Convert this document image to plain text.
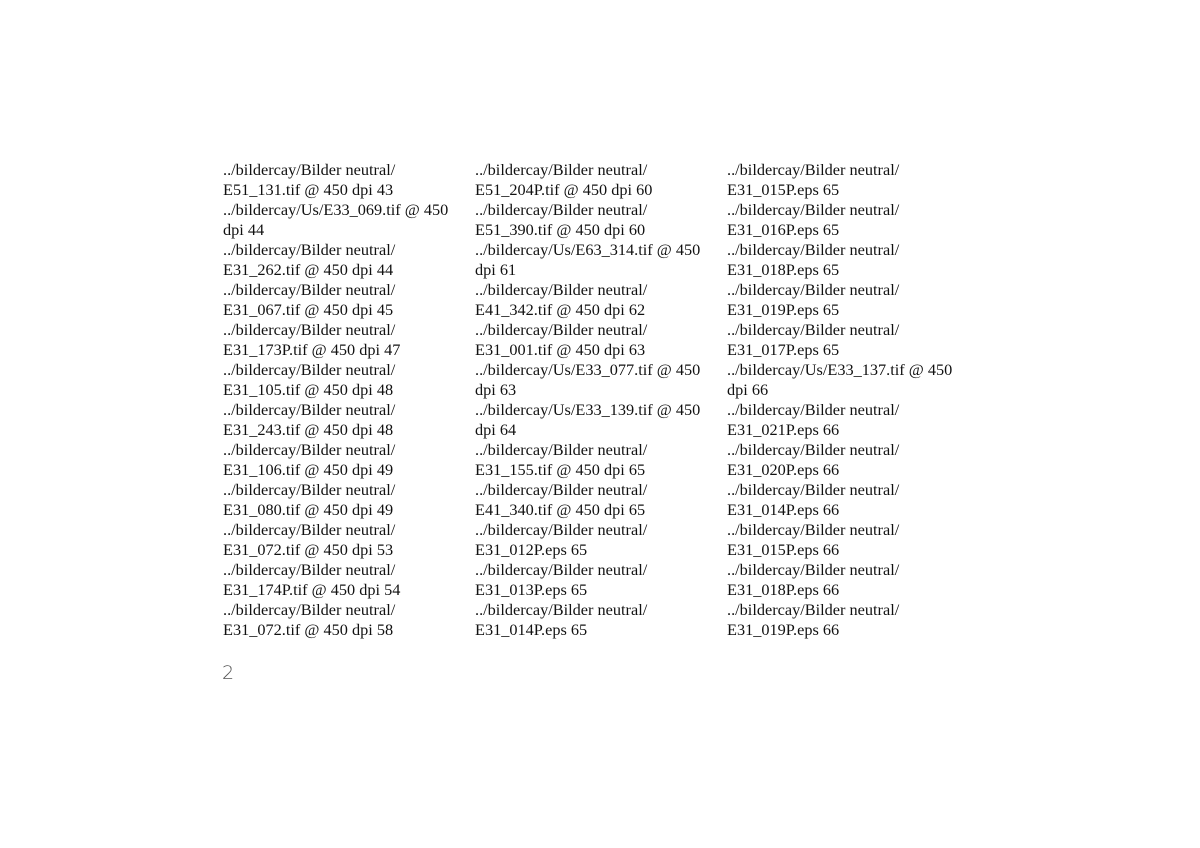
../bildercay/Bilder neutral/
E51_131.tif @ 450 dpi 43
../bildercay/Us/E33_069.tif @ 450
dpi 44
../bildercay/Bilder neutral/
E31_262.tif @ 450 dpi 44
../bildercay/Bilder neutral/
E31_067.tif @ 450 dpi 45
../bildercay/Bilder neutral/
E31_173P.tif @ 450 dpi 47
../bildercay/Bilder neutral/
E31_105.tif @ 450 dpi 48
../bildercay/Bilder neutral/
E31_243.tif @ 450 dpi 48
../bildercay/Bilder neutral/
E31_106.tif @ 450 dpi 49
../bildercay/Bilder neutral/
E31_080.tif @ 450 dpi 49
../bildercay/Bilder neutral/
E31_072.tif @ 450 dpi 53
../bildercay/Bilder neutral/
E31_174P.tif @ 450 dpi 54
../bildercay/Bilder neutral/
E31_072.tif @ 450 dpi 58
../bildercay/Bilder neutral/
E51_204P.tif @ 450 dpi 60
../bildercay/Bilder neutral/
E51_390.tif @ 450 dpi 60
../bildercay/Us/E63_314.tif @ 450
dpi 61
../bildercay/Bilder neutral/
E41_342.tif @ 450 dpi 62
../bildercay/Bilder neutral/
E31_001.tif @ 450 dpi 63
../bildercay/Us/E33_077.tif @ 450
dpi 63
../bildercay/Us/E33_139.tif @ 450
dpi 64
../bildercay/Bilder neutral/
E31_155.tif @ 450 dpi 65
../bildercay/Bilder neutral/
E41_340.tif @ 450 dpi 65
../bildercay/Bilder neutral/
E31_012P.eps 65
../bildercay/Bilder neutral/
E31_013P.eps 65
../bildercay/Bilder neutral/
E31_014P.eps 65
../bildercay/Bilder neutral/
E31_015P.eps 65
../bildercay/Bilder neutral/
E31_016P.eps 65
../bildercay/Bilder neutral/
E31_018P.eps 65
../bildercay/Bilder neutral/
E31_019P.eps 65
../bildercay/Bilder neutral/
E31_017P.eps 65
../bildercay/Us/E33_137.tif @ 450
dpi 66
../bildercay/Bilder neutral/
E31_021P.eps 66
../bildercay/Bilder neutral/
E31_020P.eps 66
../bildercay/Bilder neutral/
E31_014P.eps 66
../bildercay/Bilder neutral/
E31_015P.eps 66
../bildercay/Bilder neutral/
E31_018P.eps 66
../bildercay/Bilder neutral/
E31_019P.eps 66
2
